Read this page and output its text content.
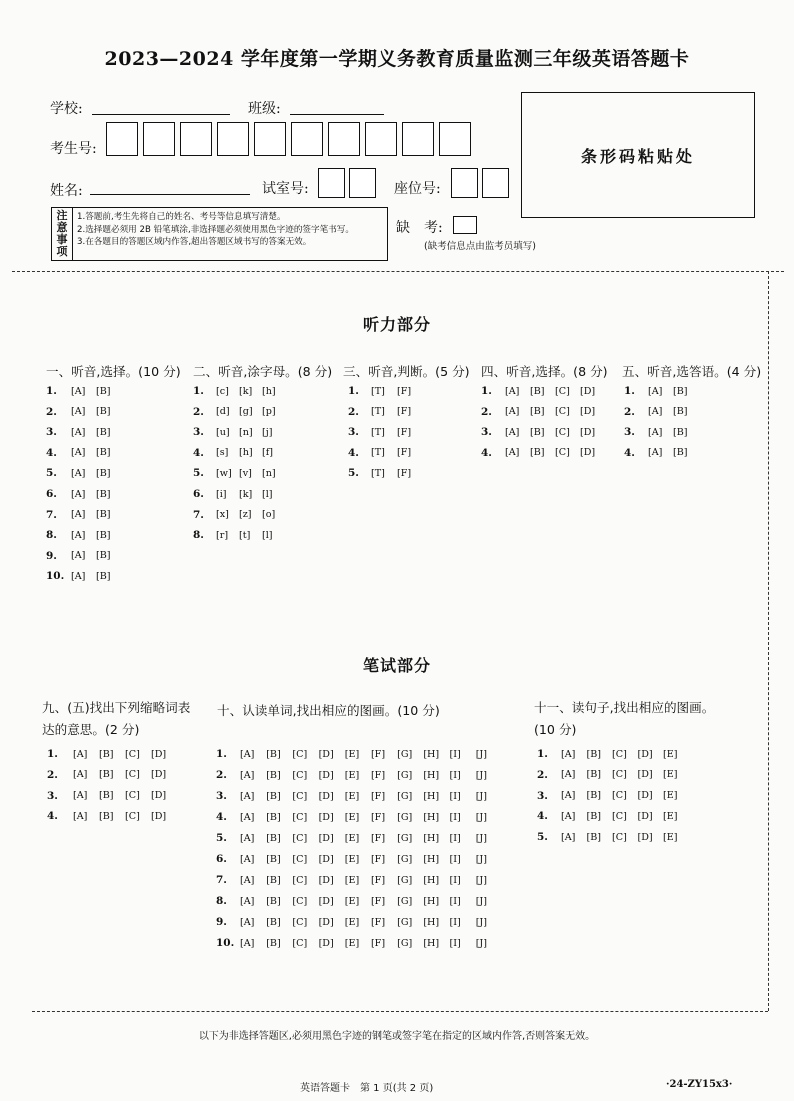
2023—2024 学年度第一学期义务教育质量监测三年级英语答题卡
学校:	班级:
考生号:
姓名:	试室号:	座位号:
条形码粘贴处
注
意
事
项
1.答题前,考生先将自己的姓名、考号等信息填写清楚。
2.选择题必须用 2B 铅笔填涂,非选择题必须使用黑色字迹的签字笔书写。
3.在各题目的答题区域内作答,超出答题区域书写的答案无效。
缺　考:
(缺考信息点由监考员填写)
听力部分
一、听音,选择。(10 分) 二、听音,涂字母。(8 分) 三、听音,判断。(5 分) 四、听音,选择。(8 分) 五、听音,选答语。(4 分)
1.	[A]	[B]
2.	[A]	[B]
3.	[A]	[B]
4.	[A]	[B]
5.	[A]	[B]
6.	[A]	[B]
7.	[A]	[B]
8.	[A]	[B]
9.	[A]	[B]
10. [A]	[B]
1.	[c]	[k]	[h]
2.	[d] [g] [p]
3.	[u] [n] [j]
4.	[s]	[h] [f]
5.	[w] [v]	[n]
6.	[i]	[k]	[l]
7.	[x]	[z]	[o]
8.	[r]	[t]	[l]
1.	[T]	[F]
2.	[T]	[F]
3.	[T]	[F]
4.	[T]	[F]
5.	[T]	[F]
1.	[A]	[B]	[C]	[D]
2.	[A]	[B]	[C]	[D]
3.	[A]	[B]	[C]	[D]
4.	[A]	[B]	[C]	[D]
1.	[A]	[B]
2.	[A]	[B]
3.	[A]	[B]
4.	[A]	[B]
笔试部分
九、(五)找出下列缩略词表达的意思。(2 分)
十、认读单词,找出相应的图画。(10 分)	十一、读句子,找出相应的图画。(10 分)
1.	[A]	[B]	[C]	[D]
2.	[A]	[B]	[C]	[D]
3.	[A]	[B]	[C]	[D]
4.	[A]	[B]	[C]	[D]
1.	[A]	[B]	[C]	[D]	[E]	[F]	[G]	[H]	[I]	[J]
2.	[A]	[B]	[C]	[D]	[E]	[F]	[G]	[H]	[I]	[J]
3.	[A]	[B]	[C]	[D]	[E]	[F]	[G]	[H]	[I]	[J]
4.	[A]	[B]	[C]	[D]	[E]	[F]	[G]	[H]	[I]	[J]
5.	[A]	[B]	[C]	[D]	[E]	[F]	[G]	[H]	[I]	[J]
6.	[A]	[B]	[C]	[D]	[E]	[F]	[G]	[H]	[I]	[J]
7.	[A]	[B]	[C]	[D]	[E]	[F]	[G]	[H]	[I]	[J]
8.	[A]	[B]	[C]	[D]	[E]	[F]	[G]	[H]	[I]	[J]
9.	[A]	[B]	[C]	[D]	[E]	[F]	[G]	[H]	[I]	[J]
10. [A]	[B]	[C]	[D]	[E]	[F]	[G]	[H]	[I]	[J]
1.	[A]	[B]	[C]	[D]	[E]
2.	[A]	[B]	[C]	[D]	[E]
3.	[A]	[B]	[C]	[D]	[E]
4.	[A]	[B]	[C]	[D]	[E]
5.	[A]	[B]	[C]	[D]	[E]
以下为非选择答题区,必须用黑色字迹的钢笔或签字笔在指定的区域内作答,否则答案无效。
英语答题卡　第 1 页(共 2 页)	·24-ZY15x3·
